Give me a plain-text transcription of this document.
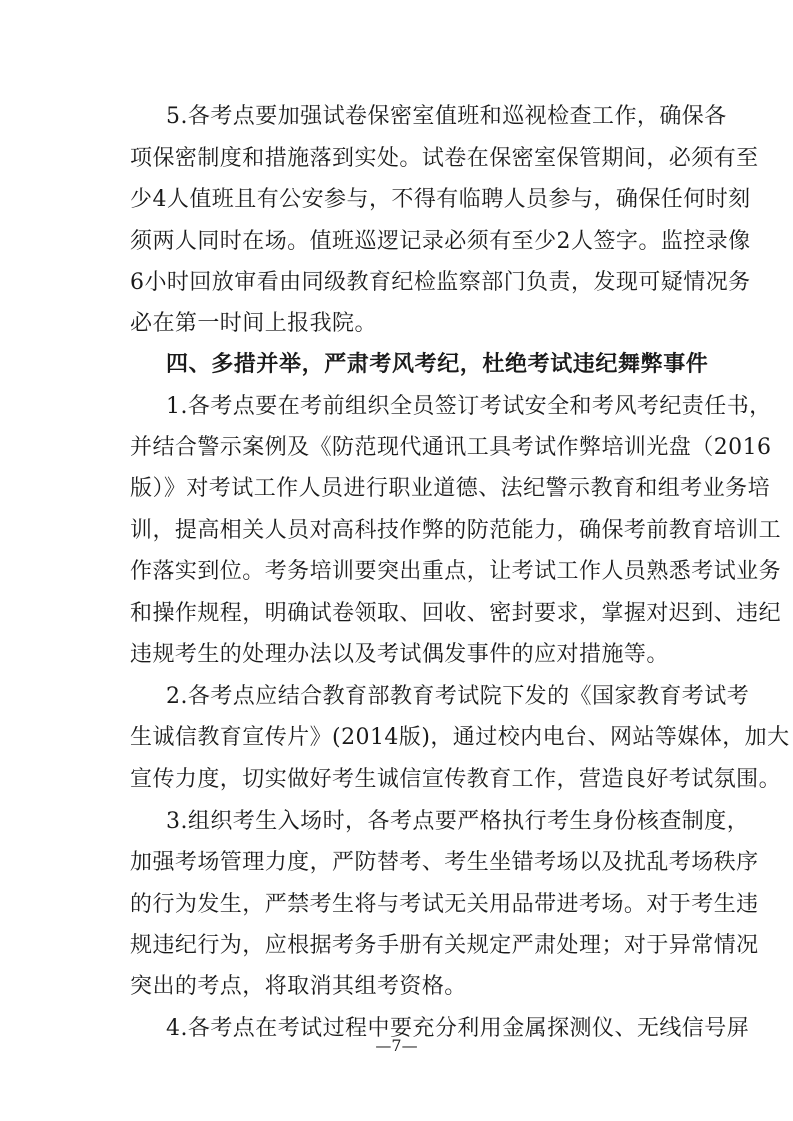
5.各考点要加强试卷保密室值班和巡视检查工作，确保各
项保密制度和措施落到实处。试卷在保密室保管期间，必须有至
少4人值班且有公安参与，不得有临聘人员参与，确保任何时刻
须两人同时在场。值班巡逻记录必须有至少2人签字。监控录像
6小时回放审看由同级教育纪检监察部门负责，发现可疑情况务
必在第一时间上报我院。
四、多措并举，严肃考风考纪，杜绝考试违纪舞弊事件
1.各考点要在考前组织全员签订考试安全和考风考纪责任书，
并结合警示案例及《防范现代通讯工具考试作弊培训光盘（2016
版）》对考试工作人员进行职业道德、法纪警示教育和组考业务培
训，提高相关人员对高科技作弊的防范能力，确保考前教育培训工
作落实到位。考务培训要突出重点，让考试工作人员熟悉考试业务
和操作规程，明确试卷领取、回收、密封要求，掌握对迟到、违纪
违规考生的处理办法以及考试偶发事件的应对措施等。
2.各考点应结合教育部教育考试院下发的《国家教育考试考
生诚信教育宣传片》(2014版)，通过校内电台、网站等媒体，加大
宣传力度，切实做好考生诚信宣传教育工作，营造良好考试氛围。
3.组织考生入场时，各考点要严格执行考生身份核查制度，
加强考场管理力度，严防替考、考生坐错考场以及扰乱考场秩序
的行为发生，严禁考生将与考试无关用品带进考场。对于考生违
规违纪行为，应根据考务手册有关规定严肃处理；对于异常情况
突出的考点，将取消其组考资格。
4.各考点在考试过程中要充分利用金属探测仪、无线信号屏
—7—
